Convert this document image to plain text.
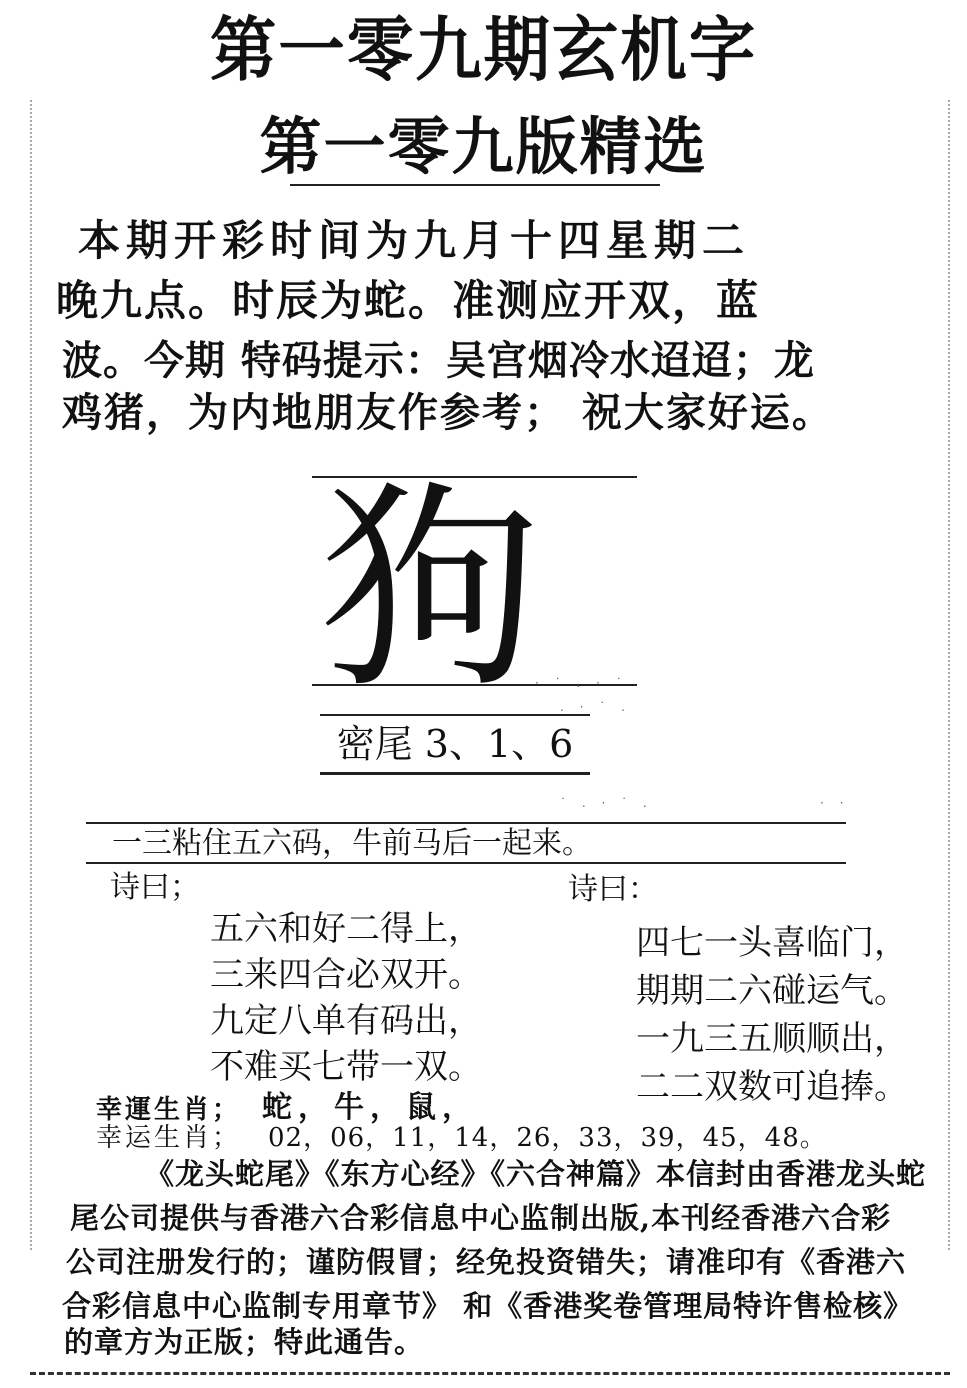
第一零九期玄机字
第一零九版精选
本期开彩时间为九月十四星期二
晚九点。时辰为蛇。准测应开双，蓝
波。今期 特码提示：吴宫烟冷水迢迢；龙
鸡猪，为内地朋友作参考； 祝大家好运。
狗
· ˙ . · ˙
. · ˙ .
密尾 3、1、6
˙ . · ˙ .	· ·
一三粘住五六码，牛前马后一起来。
诗曰；
五六和好二得上，
三来四合必双开。
九定八单有码出，
不难买七带一双。
诗曰：
四七一头喜临门，
期期二六碰运气。
一九三五顺顺出，
二二双数可追捧。
幸運生肖； 蛇，牛，鼠，
幸运生肖； 02，06，11，14，26，33，39，45，48。
《龙头蛇尾》《东方心经》《六合神篇》本信封由香港龙头蛇
尾公司提供与香港六合彩信息中心监制出版,本刊经香港六合彩
公司注册发行的；谨防假冒；经免投资错失；请准印有《香港六
合彩信息中心监制专用章节》 和《香港奖卷管理局特许售检核》
的章方为正版；特此通告。
